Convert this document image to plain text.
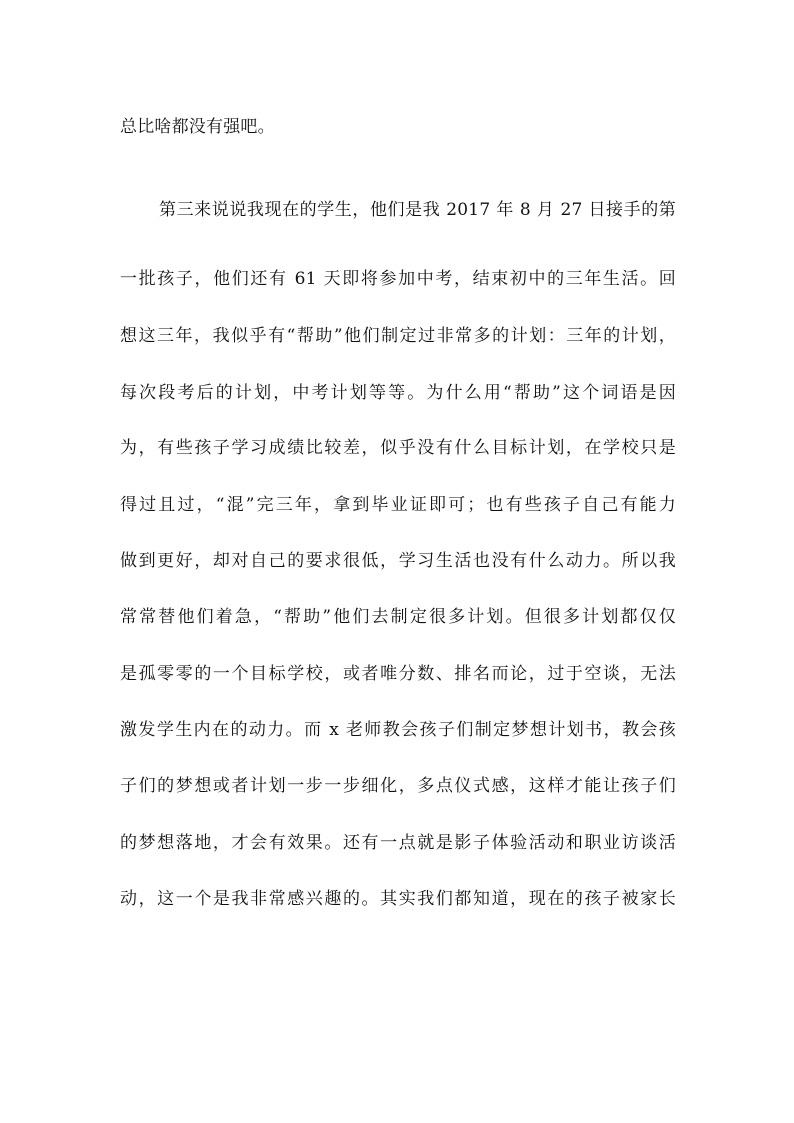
总比啥都没有强吧。
第三来说说我现在的学生，他们是我 2017 年 8 月 27 日接手的第
一批孩子，他们还有 61 天即将参加中考，结束初中的三年生活。回
想这三年，我似乎有“帮助”他们制定过非常多的计划：三年的计划，
每次段考后的计划，中考计划等等。为什么用“帮助”这个词语是因
为，有些孩子学习成绩比较差，似乎没有什么目标计划，在学校只是
得过且过，“混”完三年，拿到毕业证即可；也有些孩子自己有能力
做到更好，却对自己的要求很低，学习生活也没有什么动力。所以我
常常替他们着急，“帮助”他们去制定很多计划。但很多计划都仅仅
是孤零零的一个目标学校，或者唯分数、排名而论，过于空谈，无法
激发学生内在的动力。而 x 老师教会孩子们制定梦想计划书，教会孩
子们的梦想或者计划一步一步细化，多点仪式感，这样才能让孩子们
的梦想落地，才会有效果。还有一点就是影子体验活动和职业访谈活
动，这一个是我非常感兴趣的。其实我们都知道，现在的孩子被家长
